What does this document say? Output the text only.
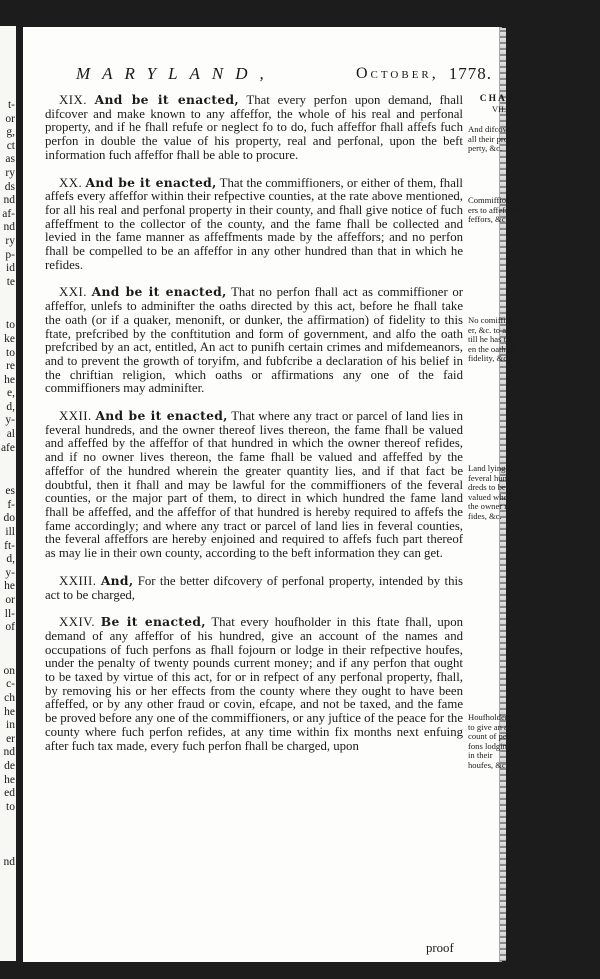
t-
or
g,
ct
as
ry
ds
nd
af-
nd
ry
p-
id
te
to
ke
to
re
he
e,
d,
y-
al
afe
es
f-
do
ill
ft-
d,
y-
he
or
ll-
of
on
c-
ch
he
in
er
nd
de
he
ed
to
nd
MARYLAND,	October, 1778.

XIX. And be it enacted, That every perfon upon demand, fhall difcover and make known to any affeffor, the whole of his real and perfonal property, and if he fhall refufe or neglect fo to do, fuch affeffor fhall affefs fuch perfon in double the value of his property, real and perfonal, upon the beft information fuch affeffor fhall be able to procure.

XX. And be it enacted, That the commiffioners, or either of them, fhall affefs every affeffor within their refpective counties, at the rate above mentioned, for all his real and perfonal property in their county, and fhall give notice of fuch affeffment to the collector of the county, and the fame fhall be collected and levied in the fame manner as affeffments made by the affeffors; and no perfon fhall be compelled to be an affeffor in any other hundred than that in which he refides.

XXI. And be it enacted, That no perfon fhall act as commiffioner or affeffor, unlefs to adminifter the oaths directed by this act, before he fhall take the oath (or if a quaker, menonift, or dunker, the affirmation) of fidelity to this ftate, prefcribed by the conftitution and form of government, and alfo the oath prefcribed by an act, entitled, An act to punifh certain crimes and mifdemeanors, and to prevent the growth of toryifm, and fubfcribe a declaration of his belief in the chriftian religion, which oaths or affirmations any one of the faid commiffioners may adminifter.

XXII. And be it enacted, That where any tract or parcel of land lies in feveral hundreds, and the owner thereof lives thereon, the fame fhall be valued and affeffed by the affeffor of that hundred in which the owner thereof refides, and if no owner lives thereon, the fame fhall be valued and affeffed by the affeffor of the hundred wherein the greater quantity lies, and if that fact be doubtful, then it fhall and may be lawful for the commiffioners of the feveral counties, or the major part of them, to direct in which hundred the fame land fhall be affeffed, and the affeffor of that hundred is hereby required to affefs the fame accordingly; and where any tract or parcel of land lies in feveral counties, the feveral affeffors are hereby enjoined and required to affefs fuch part thereof as may lie in their own county, according to the beft information they can get.

XXIII. And, For the better difcovery of perfonal property, intended by this act to be charged,

XXIV. Be it enacted, That every houfholder in this ftate fhall, upon demand of any affeffor of his hundred, give an account of the names and occupations of fuch perfons as fhall fojourn or lodge in their refpective houfes, under the penalty of twenty pounds current money; and if any perfon that ought to be taxed by virtue of this act, for or in refpect of any perfonal property, fhall, by removing his or her effects from the county where they ought to have been affeffed, or by any other fraud or covin, efcape, and not be taxed, and the fame be proved before any one of the commiffioners, or any juftice of the peace for the county where fuch perfon refides, at any time within fix months next enfuing after fuch tax made, every fuch perfon fhall be charged, upon

CHAP.
VII.
And difcover
all their pro-
perty, &c.
Commiffion-
ers to affefs af-
feffors, &c.
No comiffion-
er, &c. to act,
till he has tak-
en the oath of
fidelity, &c.
Land lying in
feveral hun-
dreds to be
valued where
the owner re-
fides, &c.
Houfholders
to give an ac-
count of per-
fons lodging
in their
houfes, &c.
proof
